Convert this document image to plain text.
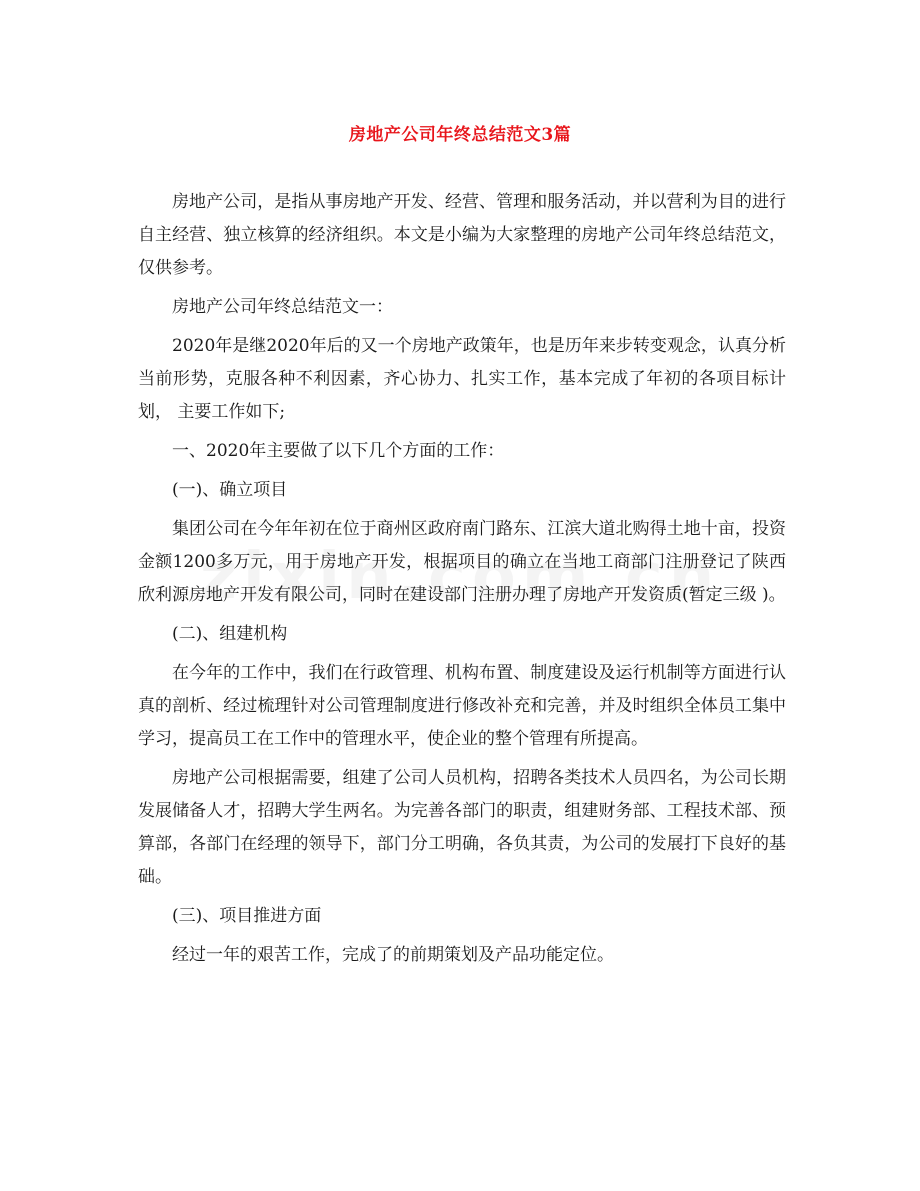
房地产公司年终总结范文3篇

房地产公司，是指从事房地产开发、经营、管理和服务活动，并以营利为目的进行自主经营、独立核算的经济组织。本文是小编为大家整理的房地产公司年终总结范文，仅供参考。

房地产公司年终总结范文一：

2020年是继2020年后的又一个房地产政策年，也是历年来步转变观念，认真分析当前形势，克服各种不利因素，齐心协力、扎实工作，基本完成了年初的各项目标计划， 主要工作如下;

一、2020年主要做了以下几个方面的工作：

(一)、确立项目

集团公司在今年年初在位于商州区政府南门路东、江滨大道北购得土地十亩，投资金额1200多万元，用于房地产开发，根据项目的确立在当地工商部门注册登记了陕西欣利源房地产开发有限公司，同时在建设部门注册办理了房地产开发资质(暂定三级 )。

(二)、组建机构

在今年的工作中，我们在行政管理、机构布置、制度建设及运行机制等方面进行认真的剖析、经过梳理针对公司管理制度进行修改补充和完善，并及时组织全体员工集中学习，提高员工在工作中的管理水平，使企业的整个管理有所提高。

房地产公司根据需要，组建了公司人员机构，招聘各类技术人员四名，为公司长期发展储备人才，招聘大学生两名。为完善各部门的职责，组建财务部、工程技术部、预算部，各部门在经理的领导下，部门分工明确，各负其责，为公司的发展打下良好的基础。

(三)、项目推进方面

经过一年的艰苦工作，完成了的前期策划及产品功能定位。
